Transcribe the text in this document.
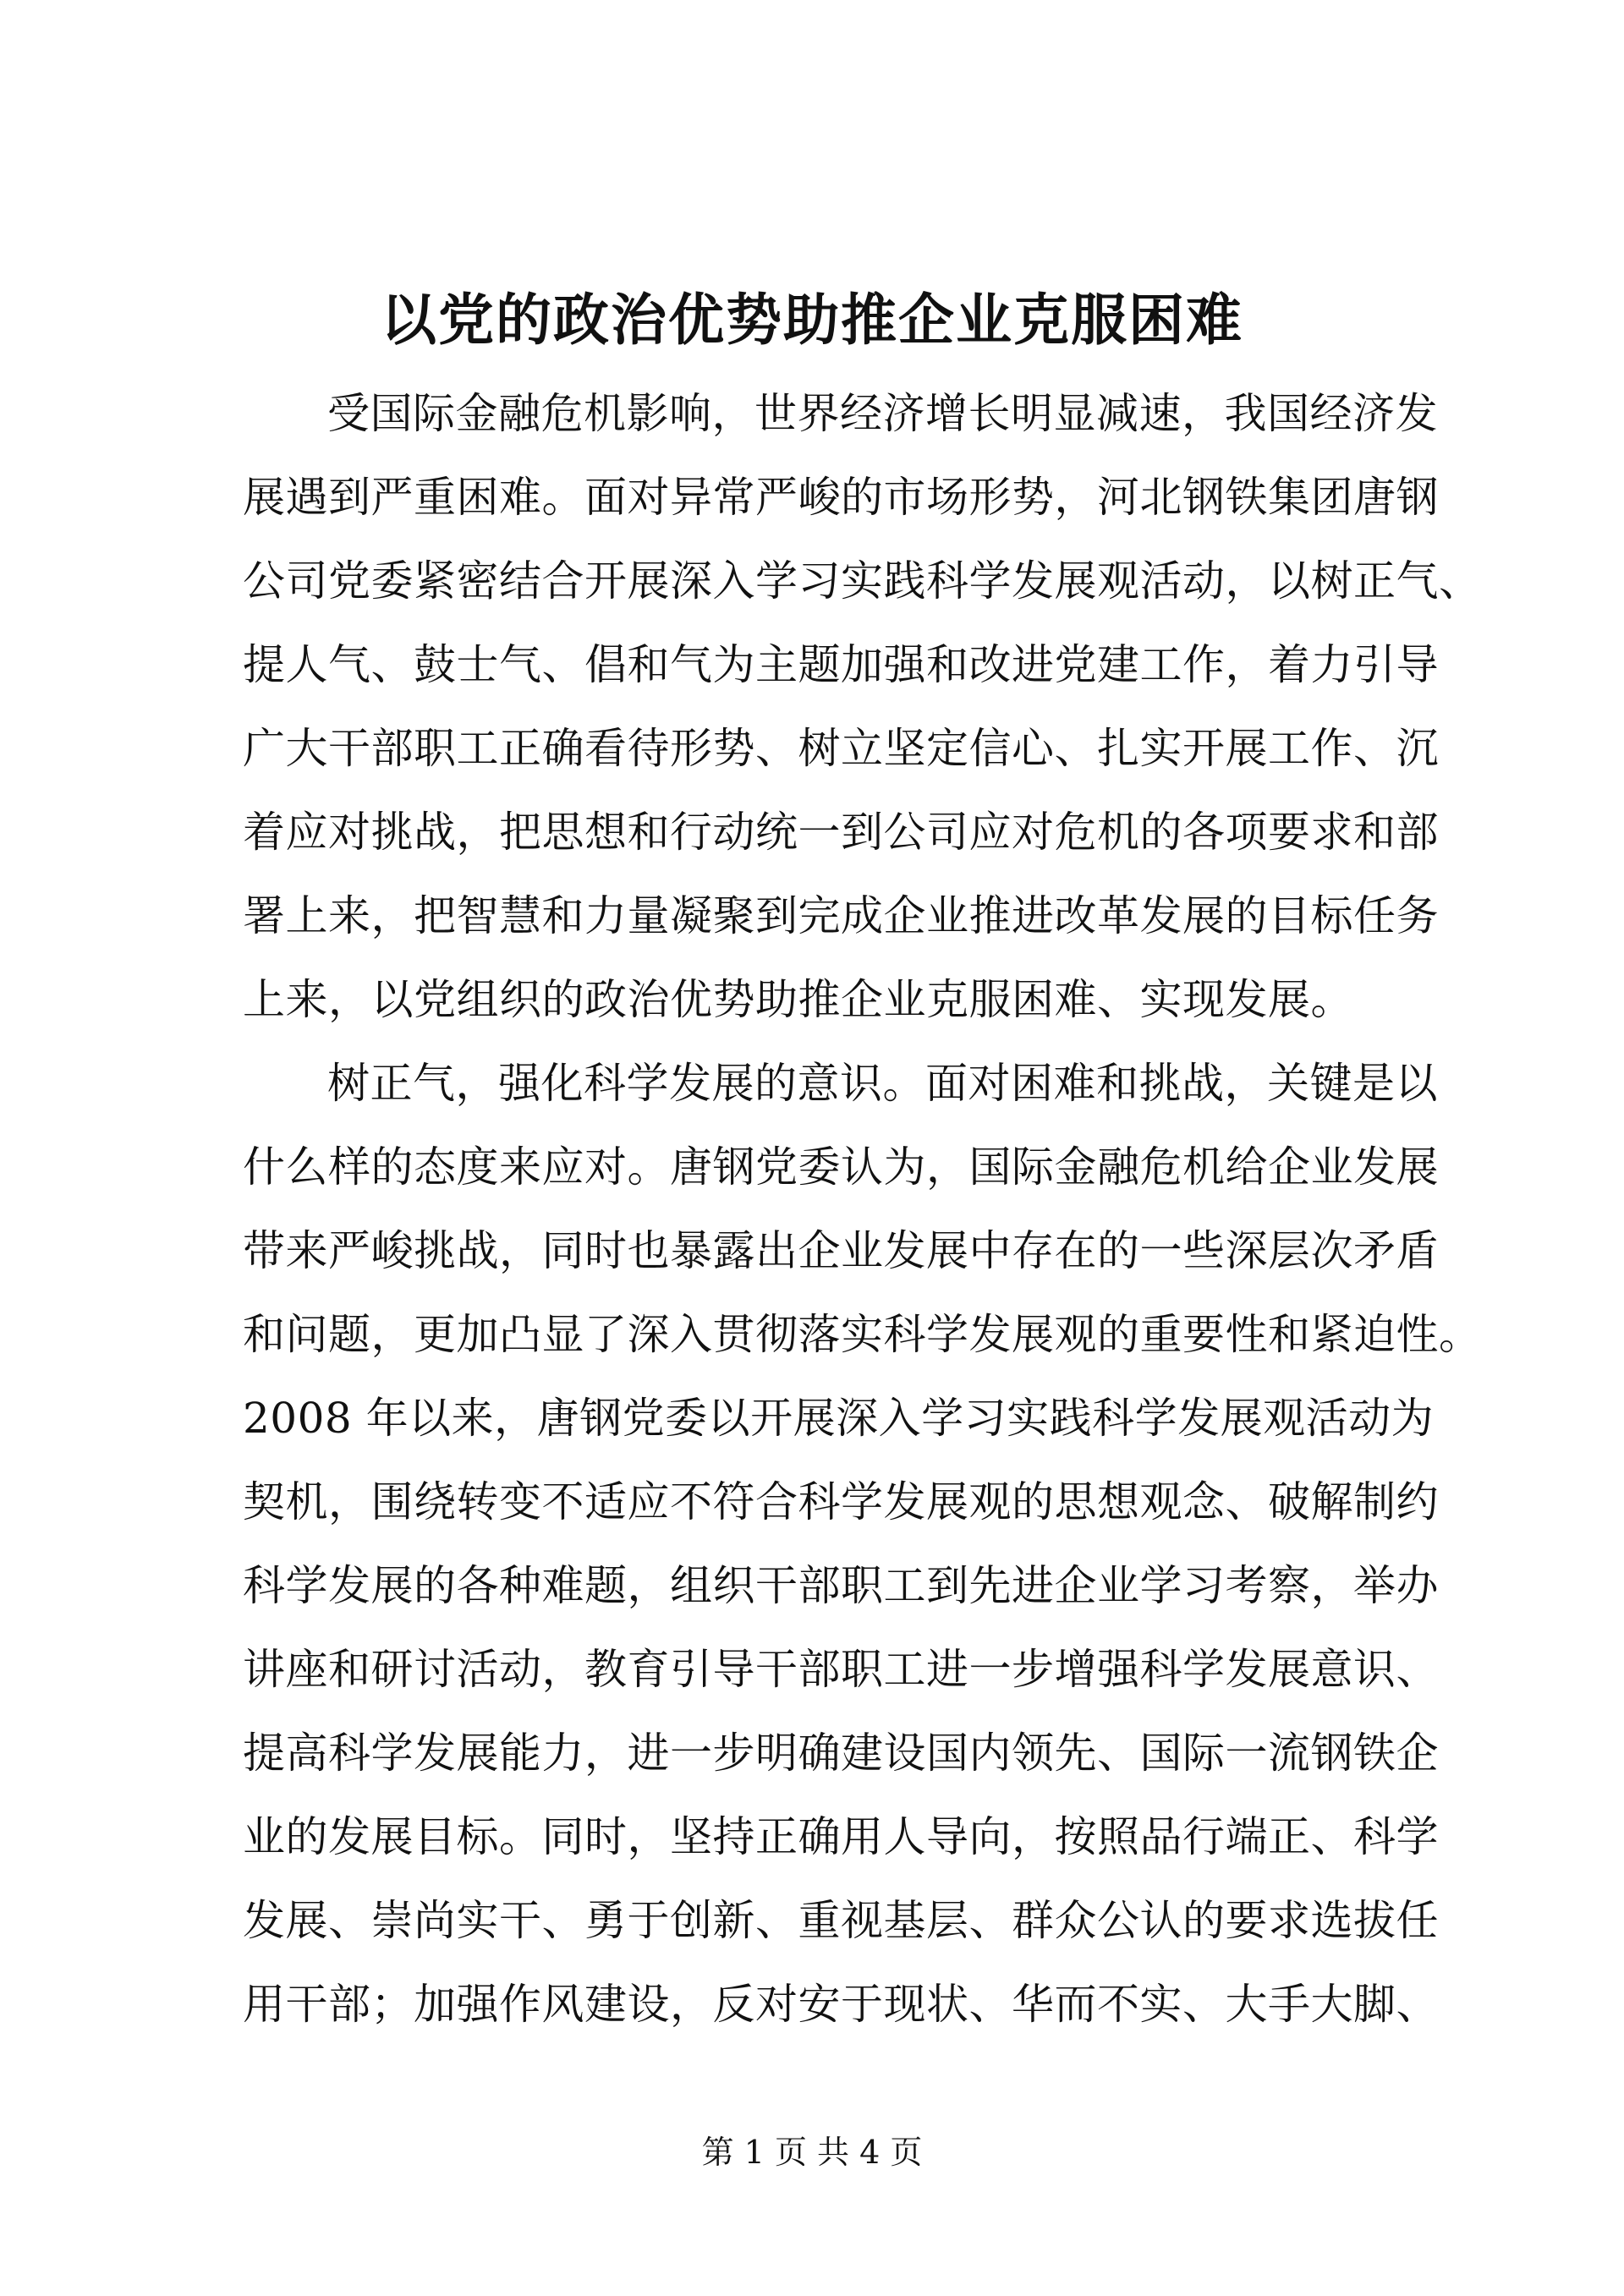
以党的政治优势助推企业克服困难
受国际金融危机影响，世界经济增长明显减速，我国经济发
展遇到严重困难。面对异常严峻的市场形势，河北钢铁集团唐钢
公司党委紧密结合开展深入学习实践科学发展观活动，以树正气、
提人气、鼓士气、倡和气为主题加强和改进党建工作，着力引导
广大干部职工正确看待形势、树立坚定信心、扎实开展工作、沉
着应对挑战，把思想和行动统一到公司应对危机的各项要求和部
署上来，把智慧和力量凝聚到完成企业推进改革发展的目标任务
上来，以党组织的政治优势助推企业克服困难、实现发展。
树正气，强化科学发展的意识。面对困难和挑战，关键是以
什么样的态度来应对。唐钢党委认为，国际金融危机给企业发展
带来严峻挑战，同时也暴露出企业发展中存在的一些深层次矛盾
和问题，更加凸显了深入贯彻落实科学发展观的重要性和紧迫性。
2008 年以来，唐钢党委以开展深入学习实践科学发展观活动为
契机，围绕转变不适应不符合科学发展观的思想观念、破解制约
科学发展的各种难题，组织干部职工到先进企业学习考察，举办
讲座和研讨活动，教育引导干部职工进一步增强科学发展意识、
提高科学发展能力，进一步明确建设国内领先、国际一流钢铁企
业的发展目标。同时，坚持正确用人导向，按照品行端正、科学
发展、崇尚实干、勇于创新、重视基层、群众公认的要求选拔任
用干部；加强作风建设，反对安于现状、华而不实、大手大脚、
第 1 页 共 4 页
